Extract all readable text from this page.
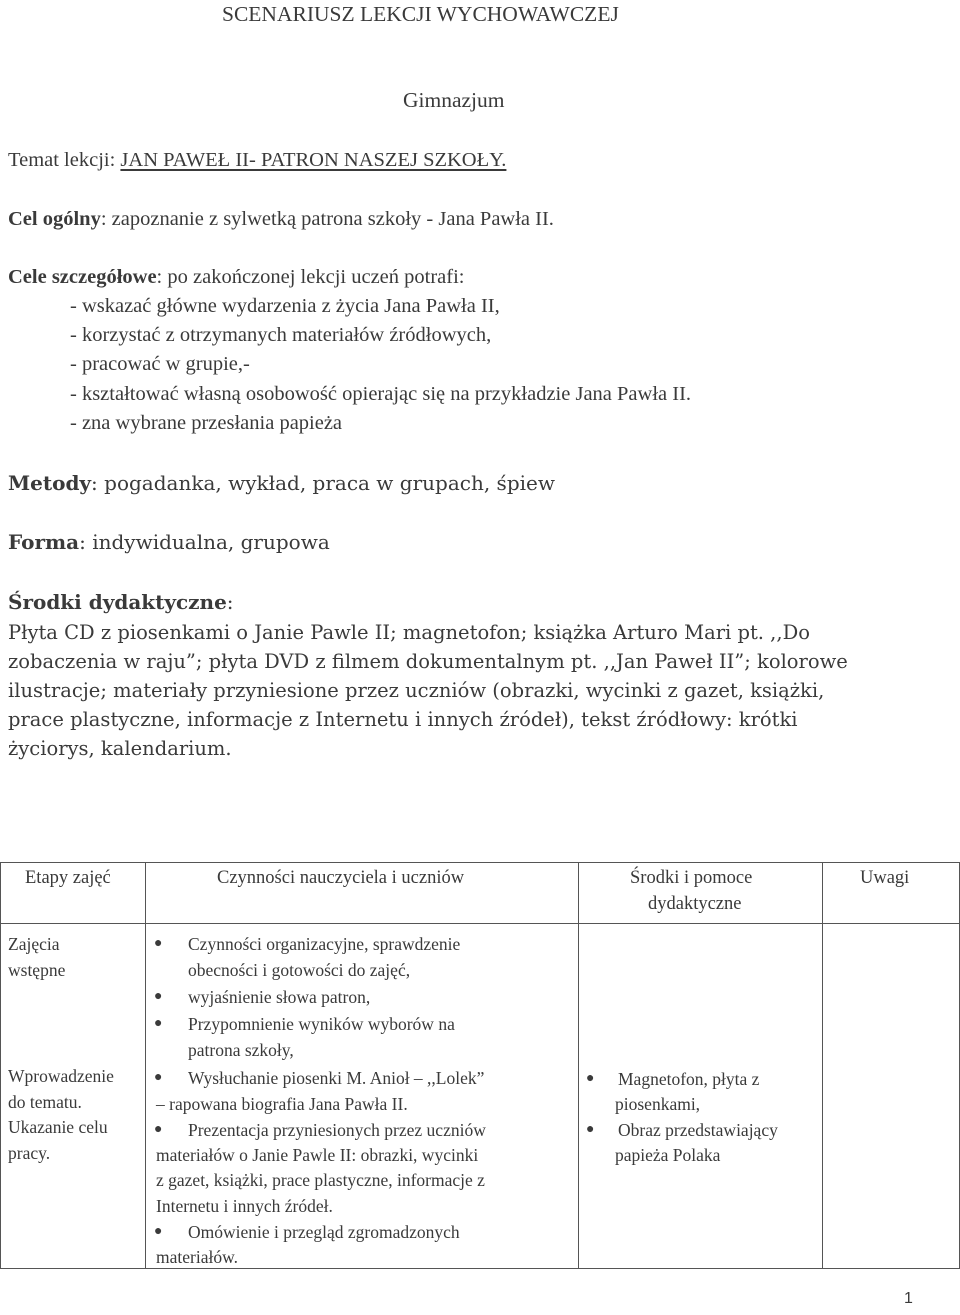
SCENARIUSZ LEKCJI WYCHOWAWCZEJ
Gimnazjum
Temat lekcji: JAN PAWEŁ II- PATRON NASZEJ SZKOŁY.
Cel ogólny: zapoznanie z sylwetką patrona szkoły - Jana Pawła II.
Cele szczegółowe: po zakończonej lekcji uczeń potrafi:
- wskazać główne wydarzenia z życia Jana Pawła II,
- korzystać z otrzymanych materiałów źródłowych,
- pracować w grupie,-
- kształtować własną osobowość opierając się na przykładzie Jana Pawła II.
- zna wybrane przesłania papieża
Metody: pogadanka, wykład, praca w grupach, śpiew
Forma: indywidualna, grupowa
Środki dydaktyczne:
Płyta CD z piosenkami o Janie Pawle II; magnetofon; książka Arturo Mari pt. ,,Do
zobaczenia w raju”; płyta DVD z filmem dokumentalnym pt. ,,Jan Paweł II”; kolorowe
ilustracje; materiały przyniesione przez uczniów (obrazki, wycinki z gazet, książki,
prace plastyczne, informacje z Internetu i innych źródeł), tekst źródłowy: krótki
życiorys, kalendarium.
Etapy zajęć	Czynności nauczyciela i uczniów	Środki i pomoce
dydaktyczne
Uwagi
Zajęcia
wstępne
● Czynności organizacyjne, sprawdzenie
obecności i gotowości do zajęć,
● wyjaśnienie słowa patron,
● Przypomnienie wyników wyborów na
patrona szkoły,
Wprowadzenie
do tematu.
Ukazanie celu
pracy.
● Wysłuchanie piosenki M. Anioł – ,,Lolek”
– rapowana biografia Jana Pawła II.
● Prezentacja przyniesionych przez uczniów
materiałów o Janie Pawle II: obrazki, wycinki
z gazet, książki, prace plastyczne, informacje z
Internetu i innych źródeł.
● Omówienie i przegląd zgromadzonych
materiałów.
● Magnetofon, płyta z
piosenkami,
● Obraz przedstawiający
papieża Polaka
1
